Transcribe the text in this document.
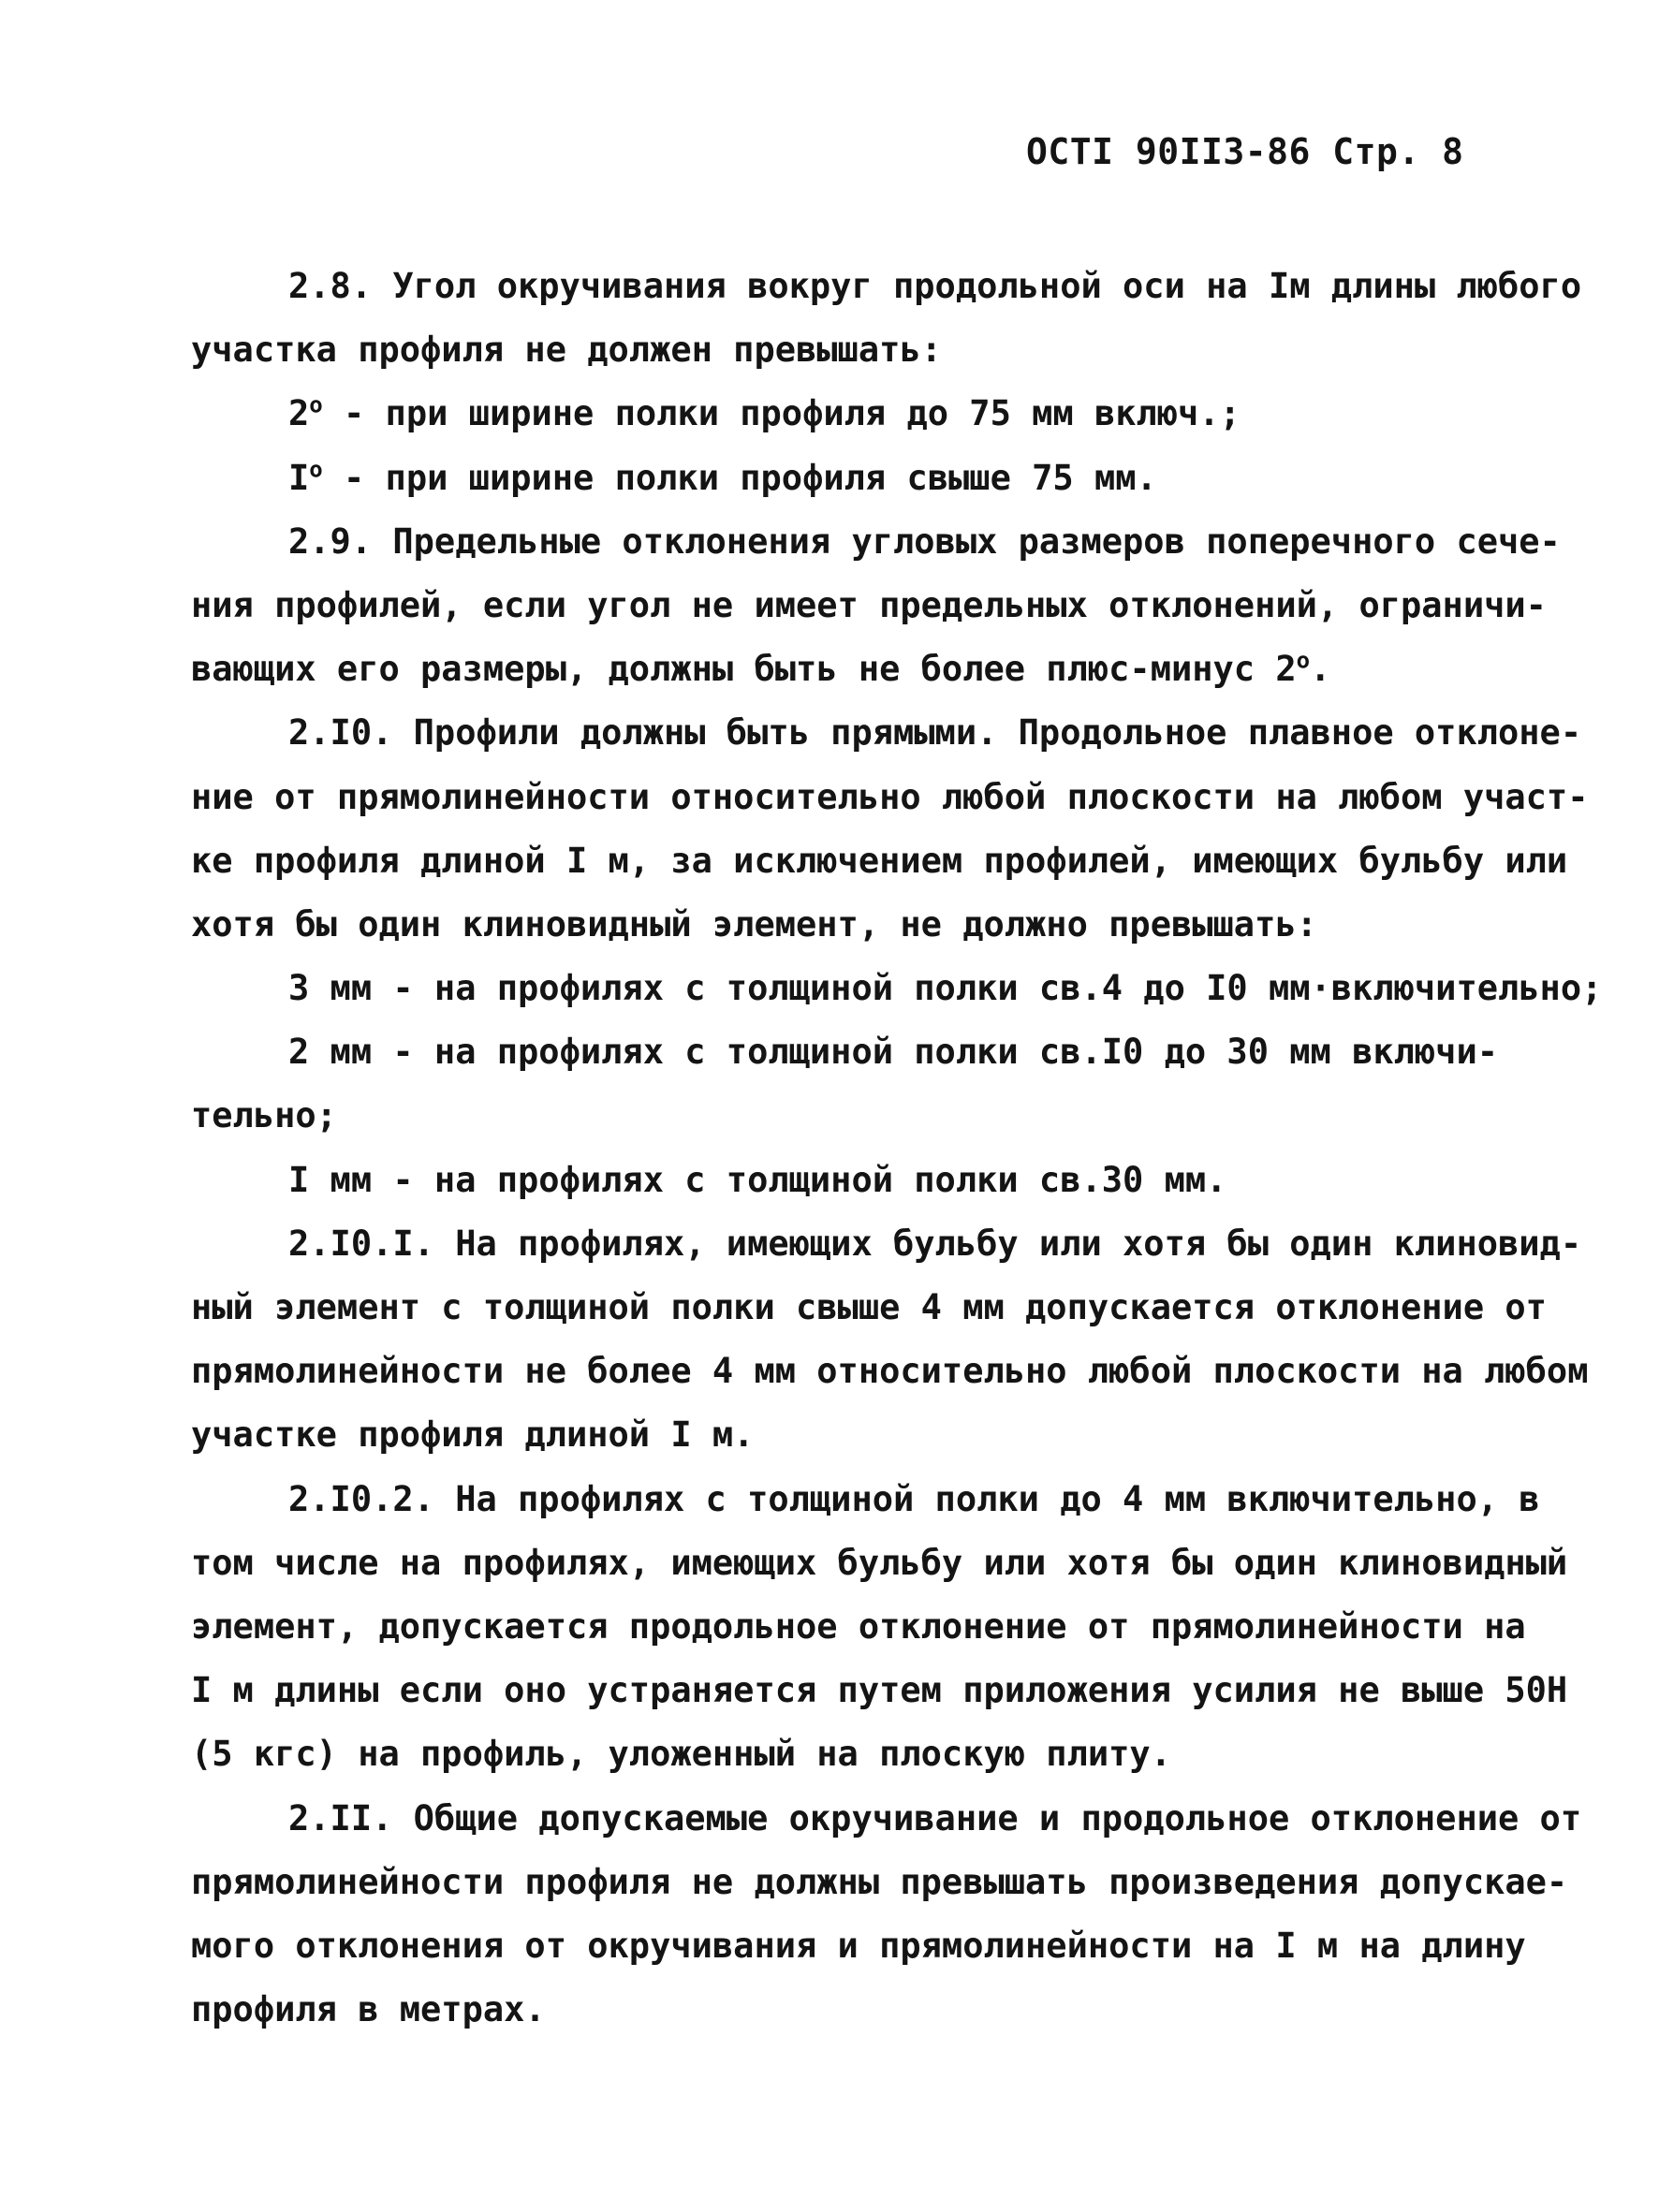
ОСТI 90II3-86 Стр. 8
2.8. Угол окручивания вокруг продольной оси на Iм длины любого
участка профиля не должен превышать:
$2^о$ - при ширине полки профиля до 75 мм включ.;
$I^о$ - при ширине полки профиля свыше 75 мм.
2.9. Предельные отклонения угловых размеров поперечного сече-
ния профилей, если угол не имеет предельных отклонений, ограничи-
вающих его размеры, должны быть не более плюс-минус $2^о$.
2.I0. Профили должны быть прямыми. Продольное плавное отклоне-
ние от прямолинейности относительно любой плоскости на любом участ-
ке профиля длиной I м, за исключением профилей, имеющих бульбу или
хотя бы один клиновидный элемент, не должно превышать:
3 мм - на профилях с толщиной полки св.4 до I0 мм·включительно;
2 мм - на профилях с толщиной полки св.I0 до 30 мм включи-
тельно;
I мм - на профилях с толщиной полки св.30 мм.
2.I0.I. На профилях, имеющих бульбу или хотя бы один клиновид-
ный элемент с толщиной полки свыше 4 мм допускается отклонение от
прямолинейности не более 4 мм относительно любой плоскости на любом
участке профиля длиной I м.
2.I0.2. На профилях с толщиной полки до 4 мм включительно, в
том числе на профилях, имеющих бульбу или хотя бы один клиновидный
элемент, допускается продольное отклонение от прямолинейности на
I м длины если оно устраняется путем приложения усилия не выше 50Н
(5 кгс) на профиль, уложенный на плоскую плиту.
2.II. Общие допускаемые окручивание и продольное отклонение от
прямолинейности профиля не должны превышать произведения допускае-
мого отклонения от окручивания и прямолинейности на I м на длину
профиля в метрах.
